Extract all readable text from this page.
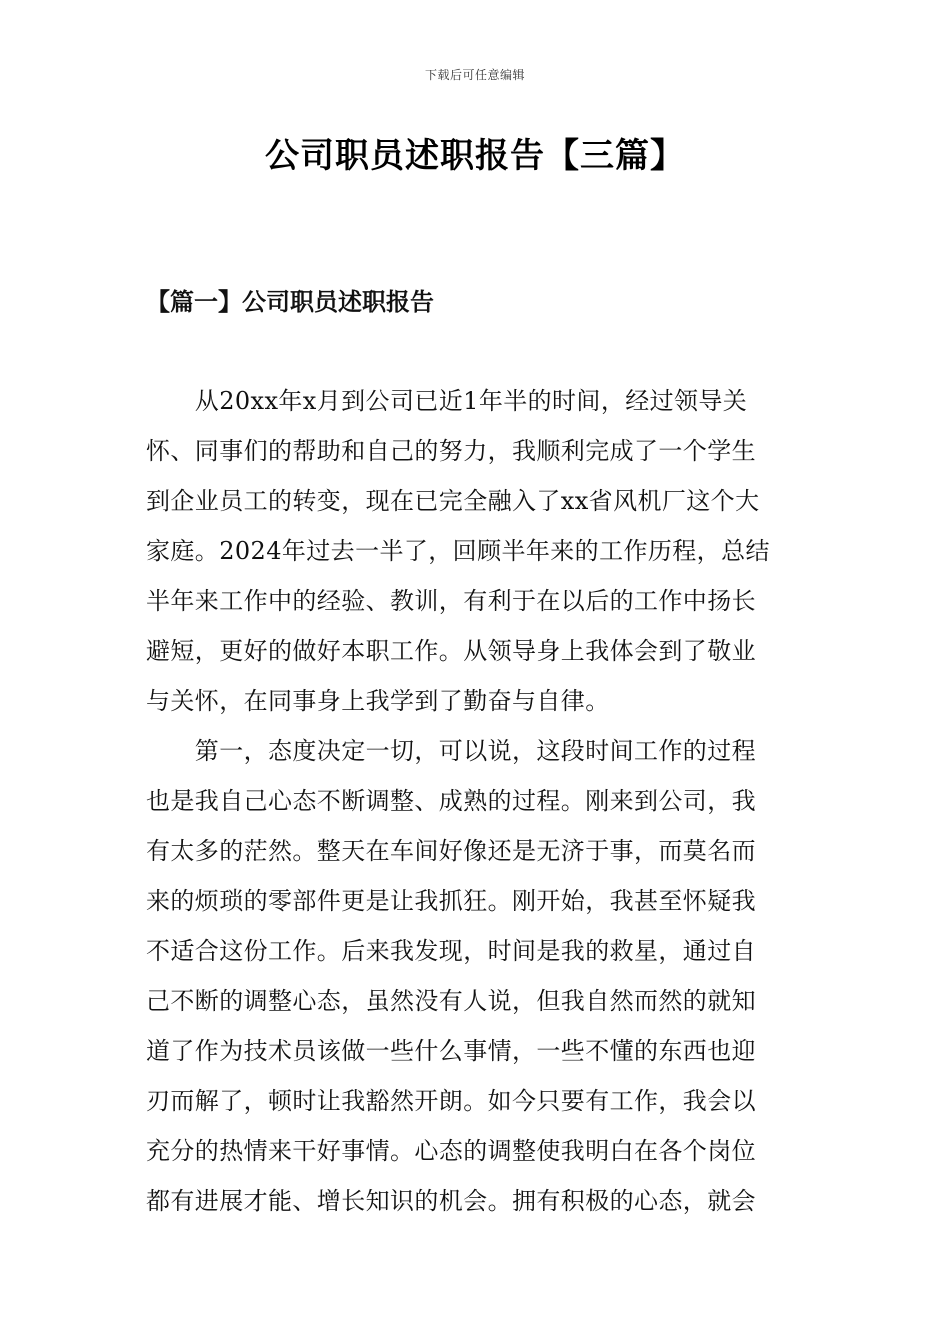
下载后可任意编辑
公司职员述职报告【三篇】
【篇一】公司职员述职报告
　　从20xx年x月到公司已近1年半的时间，经过领导关
怀、同事们的帮助和自己的努力，我顺利完成了一个学生
到企业员工的转变，现在已完全融入了xx省风机厂这个大
家庭。2024年过去一半了，回顾半年来的工作历程，总结
半年来工作中的经验、教训，有利于在以后的工作中扬长
避短，更好的做好本职工作。从领导身上我体会到了敬业
与关怀，在同事身上我学到了勤奋与自律。
　　第一，态度决定一切，可以说，这段时间工作的过程
也是我自己心态不断调整、成熟的过程。刚来到公司，我
有太多的茫然。整天在车间好像还是无济于事，而莫名而
来的烦琐的零部件更是让我抓狂。刚开始，我甚至怀疑我
不适合这份工作。后来我发现，时间是我的救星，通过自
己不断的调整心态，虽然没有人说，但我自然而然的就知
道了作为技术员该做一些什么事情，一些不懂的东西也迎
刃而解了，顿时让我豁然开朗。如今只要有工作，我会以
充分的热情来干好事情。心态的调整使我明白在各个岗位
都有进展才能、增长知识的机会。拥有积极的心态，就会
